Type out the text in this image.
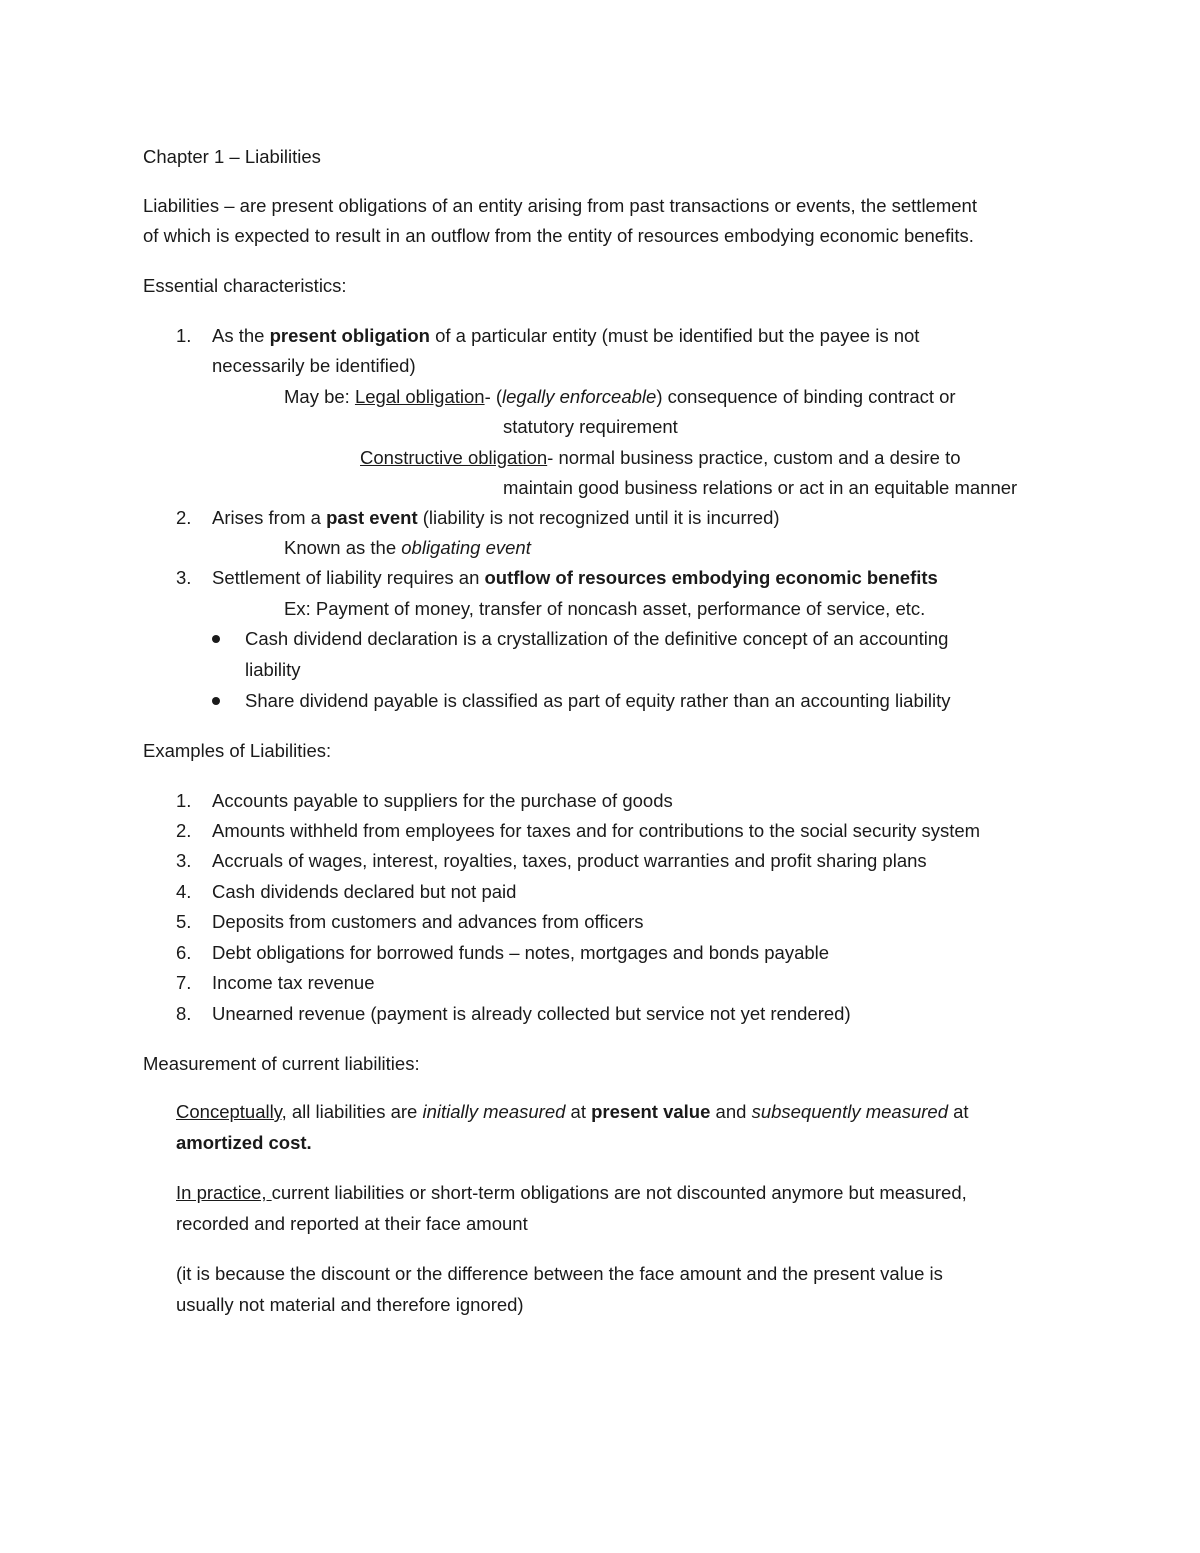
Chapter 1 – Liabilities
Liabilities – are present obligations of an entity arising from past transactions or events, the settlement
of which is expected to result in an outflow from the entity of resources embodying economic benefits.
Essential characteristics:
1. As the present obligation of a particular entity (must be identified but the payee is not
necessarily be identified)
May be: Legal obligation- (legally enforceable) consequence of binding contract or
statutory requirement
Constructive obligation- normal business practice, custom and a desire to
maintain good business relations or act in an equitable manner
2. Arises from a past event (liability is not recognized until it is incurred)
Known as the obligating event
3. Settlement of liability requires an outflow of resources embodying economic benefits
Ex: Payment of money, transfer of noncash asset, performance of service, etc.
Cash dividend declaration is a crystallization of the definitive concept of an accounting
liability
Share dividend payable is classified as part of equity rather than an accounting liability
Examples of Liabilities:
1. Accounts payable to suppliers for the purchase of goods
2. Amounts withheld from employees for taxes and for contributions to the social security system
3. Accruals of wages, interest, royalties, taxes, product warranties and profit sharing plans
4. Cash dividends declared but not paid
5. Deposits from customers and advances from officers
6. Debt obligations for borrowed funds – notes, mortgages and bonds payable
7. Income tax revenue
8. Unearned revenue (payment is already collected but service not yet rendered)
Measurement of current liabilities:
Conceptually, all liabilities are initially measured at present value and subsequently measured at
amortized cost.
In practice, current liabilities or short-term obligations are not discounted anymore but measured,
recorded and reported at their face amount
(it is because the discount or the difference between the face amount and the present value is
usually not material and therefore ignored)
